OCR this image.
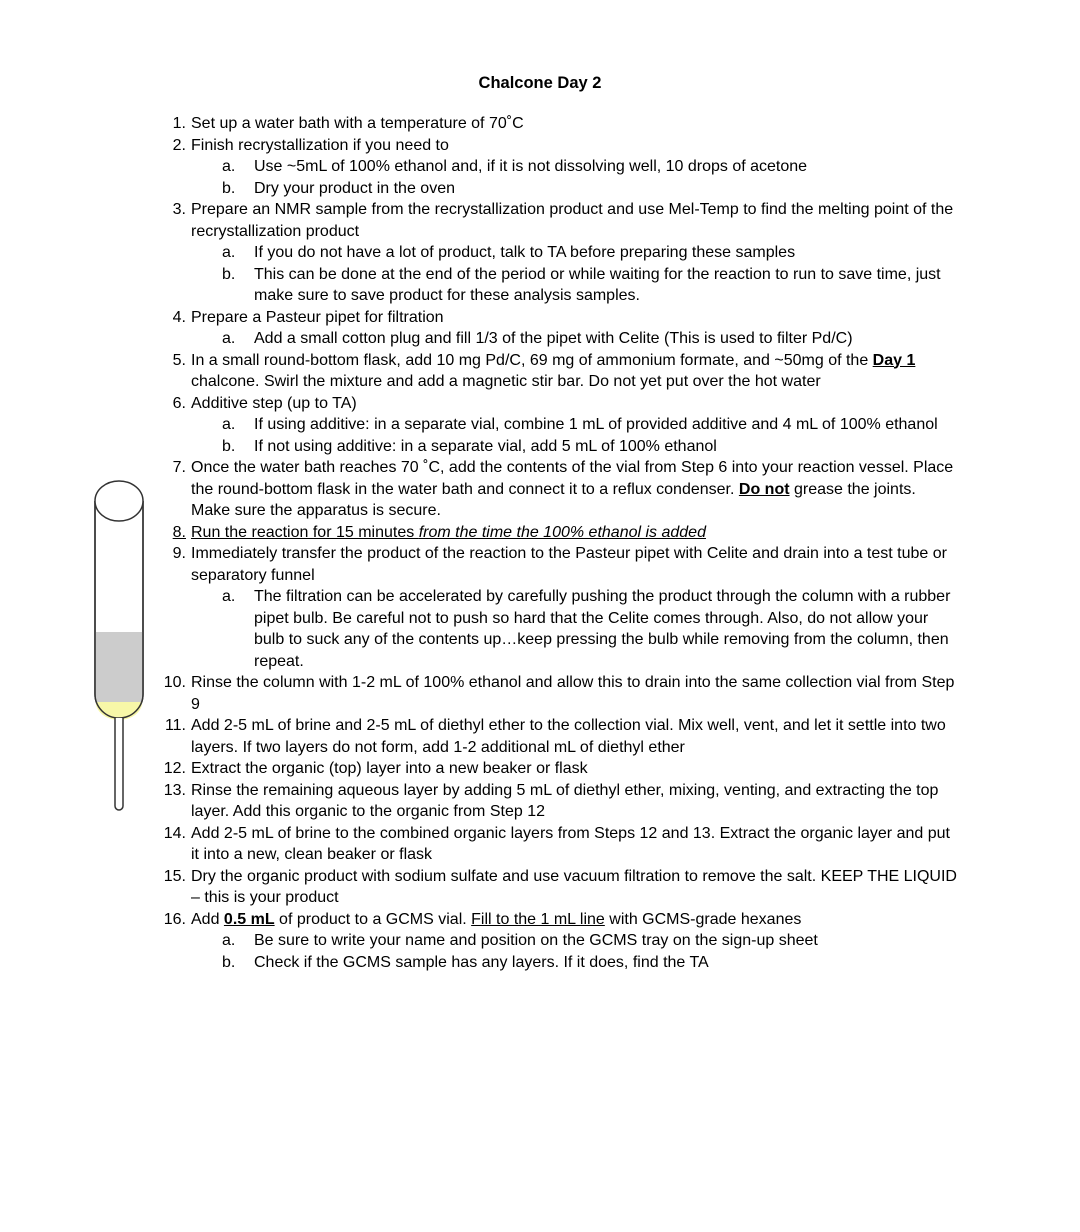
Chalcone Day 2
1. Set up a water bath with a temperature of 70˚C
2. Finish recrystallization if you need to
a. Use ~5mL of 100% ethanol and, if it is not dissolving well, 10 drops of acetone
b. Dry your product in the oven
3. Prepare an NMR sample from the recrystallization product and use Mel-Temp to find the melting point of the recrystallization product
a. If you do not have a lot of product, talk to TA before preparing these samples
b. This can be done at the end of the period or while waiting for the reaction to run to save time, just make sure to save product for these analysis samples.
4. Prepare a Pasteur pipet for filtration
a. Add a small cotton plug and fill 1/3 of the pipet with Celite (This is used to filter Pd/C)
5. In a small round-bottom flask, add 10 mg Pd/C, 69 mg of ammonium formate, and ~50mg of the Day 1 chalcone. Swirl the mixture and add a magnetic stir bar. Do not yet put over the hot water
6. Additive step (up to TA)
a. If using additive: in a separate vial, combine 1 mL of provided additive and 4 mL of 100% ethanol
b. If not using additive: in a separate vial, add 5 mL of 100% ethanol
7. Once the water bath reaches 70 ˚C, add the contents of the vial from Step 6 into your reaction vessel. Place the round-bottom flask in the water bath and connect it to a reflux condenser. Do not grease the joints. Make sure the apparatus is secure.
8. Run the reaction for 15 minutes from the time the 100% ethanol is added
9. Immediately transfer the product of the reaction to the Pasteur pipet with Celite and drain into a test tube or separatory funnel
a. The filtration can be accelerated by carefully pushing the product through the column with a rubber pipet bulb. Be careful not to push so hard that the Celite comes through. Also, do not allow your bulb to suck any of the contents up…keep pressing the bulb while removing from the column, then repeat.
10. Rinse the column with 1-2 mL of 100% ethanol and allow this to drain into the same collection vial from Step 9
11. Add 2-5 mL of brine and 2-5 mL of diethyl ether to the collection vial. Mix well, vent, and let it settle into two layers. If two layers do not form, add 1-2 additional mL of diethyl ether
12. Extract the organic (top) layer into a new beaker or flask
13. Rinse the remaining aqueous layer by adding 5 mL of diethyl ether, mixing, venting, and extracting the top layer. Add this organic to the organic from Step 12
14. Add 2-5 mL of brine to the combined organic layers from Steps 12 and 13. Extract the organic layer and put it into a new, clean beaker or flask
15. Dry the organic product with sodium sulfate and use vacuum filtration to remove the salt. KEEP THE LIQUID – this is your product
16. Add 0.5 mL of product to a GCMS vial. Fill to the 1 mL line with GCMS-grade hexanes
a. Be sure to write your name and position on the GCMS tray on the sign-up sheet
b. Check if the GCMS sample has any layers. If it does, find the TA
